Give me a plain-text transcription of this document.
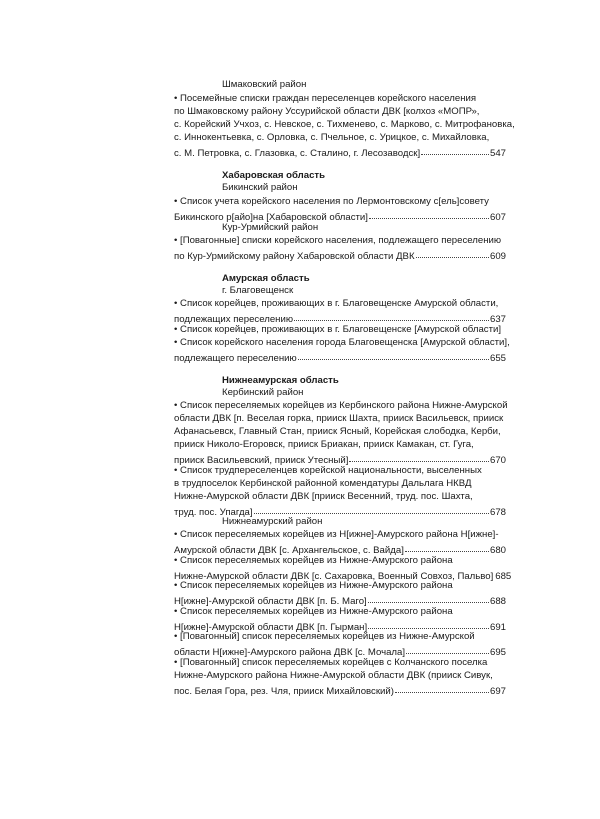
Шмаковский район
• Посемейные списки граждан переселенцев корейского населения
по Шмаковскому району Уссурийской области ДВК [колхоз «МОПР»,
с. Корейский Учхоз, с. Невское, с. Тихменево, с. Марково, с. Митрофановка,
с. Иннокентьевка, с. Орловка, с. Пчельное, с. Урицкое, с. Михайловка,
с. М. Петровка, с. Глазовка, с. Сталино, г. Лесозаводск]	547
Хабаровская область
Бикинский район
• Список учета корейского населения по Лермонтовскому с[ель]совету
Бикинского р[айо]на [Хабаровской области]	607
Кур-Урмийский район
• [Повагонные] списки корейского населения, подлежащего переселению
по Кур-Урмийскому району Хабаровской области ДВК	609
Амурская область
г. Благовещенск
• Список корейцев, проживающих в г. Благовещенске Амурской области,
подлежащих переселению	637
• Список корейцев, проживающих в г. Благовещенске [Амурской области]
• Список корейского населения города Благовещенска [Амурской области],
подлежащего переселению	655
Нижнеамурская область
Кербинский район
• Список переселяемых корейцев из Кербинского района Нижне-Амурской
области ДВК [п. Веселая горка, прииск Шахта, прииск Васильевск, прииск
Афанасьевск, Главный Стан, прииск Ясный, Корейская слободка, Керби,
прииск Николо-Егоровск, прииск Бриакан, прииск Камакан, ст. Гуга,
прииск Васильевский, прииск Утесный]	670
• Список трудпереселенцев корейской национальности, выселенных
в трудпоселок Кербинской районной комендатуры Дальлага НКВД
Нижне-Амурской области ДВК [прииск Весенний, труд. пос. Шахта,
труд. пос. Упагда]	678
Нижнеамурский район
• Список переселяемых корейцев из Н[ижне]-Амурского района Н[ижне]-
Амурской области ДВК [с. Архангельское, с. Вайда]	680
• Список переселяемых корейцев из Нижне-Амурского района
Нижне-Амурской области ДВК [с. Сахаровка, Военный Совхоз, Пальво] 685
• Список переселяемых корейцев из Нижне-Амурского района
Н[ижне]-Амурской области ДВК [п. Б. Маго]	688
• Список переселяемых корейцев из Нижне-Амурского района
Н[ижне]-Амурской области ДВК [п. Гырман]	691
• [Повагонный] список переселяемых корейцев из Нижне-Амурской
области Н[ижне]-Амурского района ДВК [с. Мочала]	695
• [Повагонный] список переселяемых корейцев с Колчанского поселка
Нижне-Амурского района Нижне-Амурской области ДВК (прииск Сивук,
пос. Белая Гора, рез. Чля, прииск Михайловский)	697
